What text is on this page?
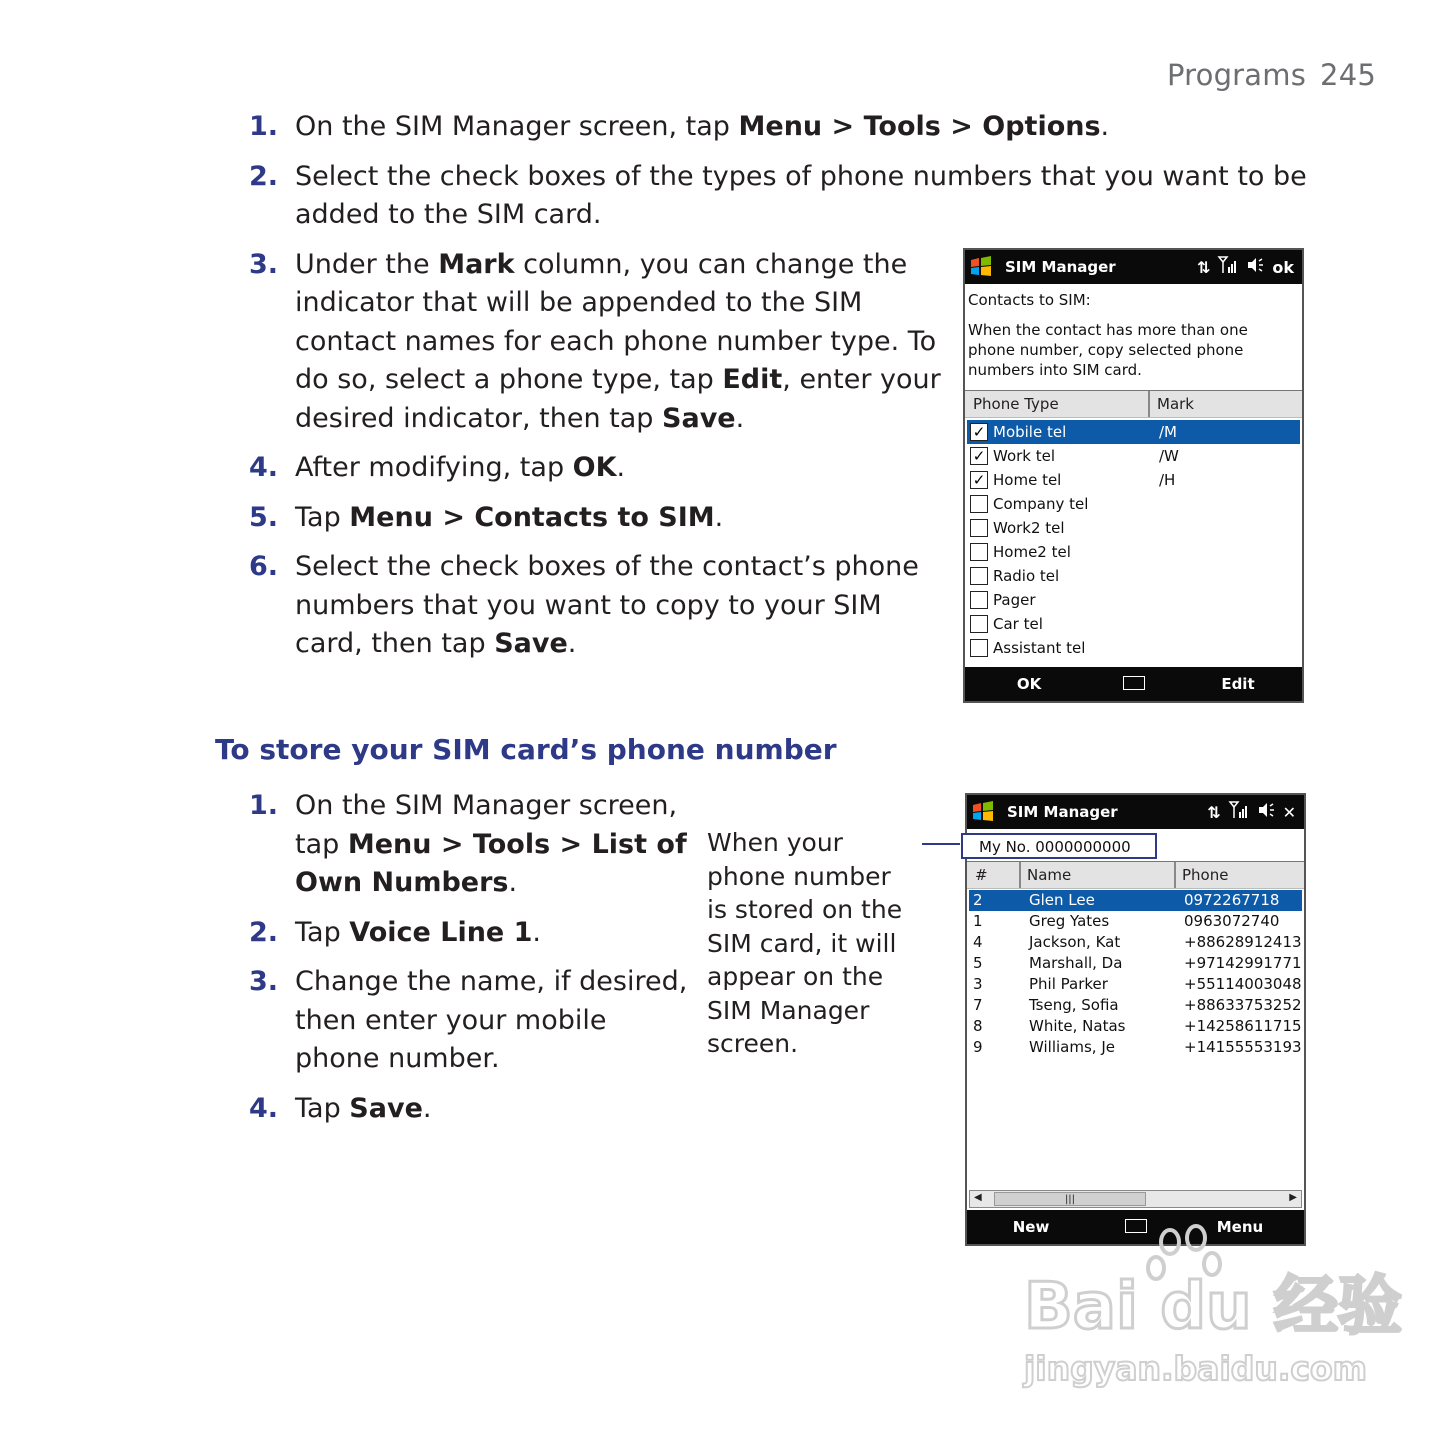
Programs 245
1. On the SIM Manager screen, tap Menu > Tools > Options.
2. Select the check boxes of the types of phone numbers that you want to be added to the SIM card.
3. Under the Mark column, you can change the indicator that will be appended to the SIM contact names for each phone number type. To do so, select a phone type, tap Edit, enter your desired indicator, then tap Save.
4. After modifying, tap OK.
5. Tap Menu > Contacts to SIM.
6. Select the check boxes of the contact’s phone numbers that you want to copy to your SIM card, then tap Save.
To store your SIM card’s phone number
1. On the SIM Manager screen, tap Menu > Tools > List of Own Numbers.
2. Tap Voice Line 1.
3. Change the name, if desired, then enter your mobile phone number.
4. Tap Save.
When your phone number is stored on the SIM card, it will appear on the SIM Manager screen.
SIM Manager	⇅	ok
Contacts to SIM:
When the contact has more than one phone number, copy selected phone numbers into SIM card.
Phone Type	Mark
✓ Mobile tel	/M
✓ Work tel	/W
✓ Home tel	/H
Company tel
Work2 tel
Home2 tel
Radio tel
Pager
Car tel
Assistant tel
OK	Edit
SIM Manager	⇅	✕
My No. 0000000000
#	Name	Phone
2	Glen Lee	0972267718
1	Greg Yates	0963072740
4	Jackson, Kat	+88628912413
5	Marshall, Da	+97142991771
3	Phil Parker	+55114003048
7	Tseng, Sofia	+88633753252
8	White, Natas	+14258611715
9	Williams, Je	+14155553193
◀	|||	▶
New	Menu
Bai du 经验
jingyan.baidu.com
